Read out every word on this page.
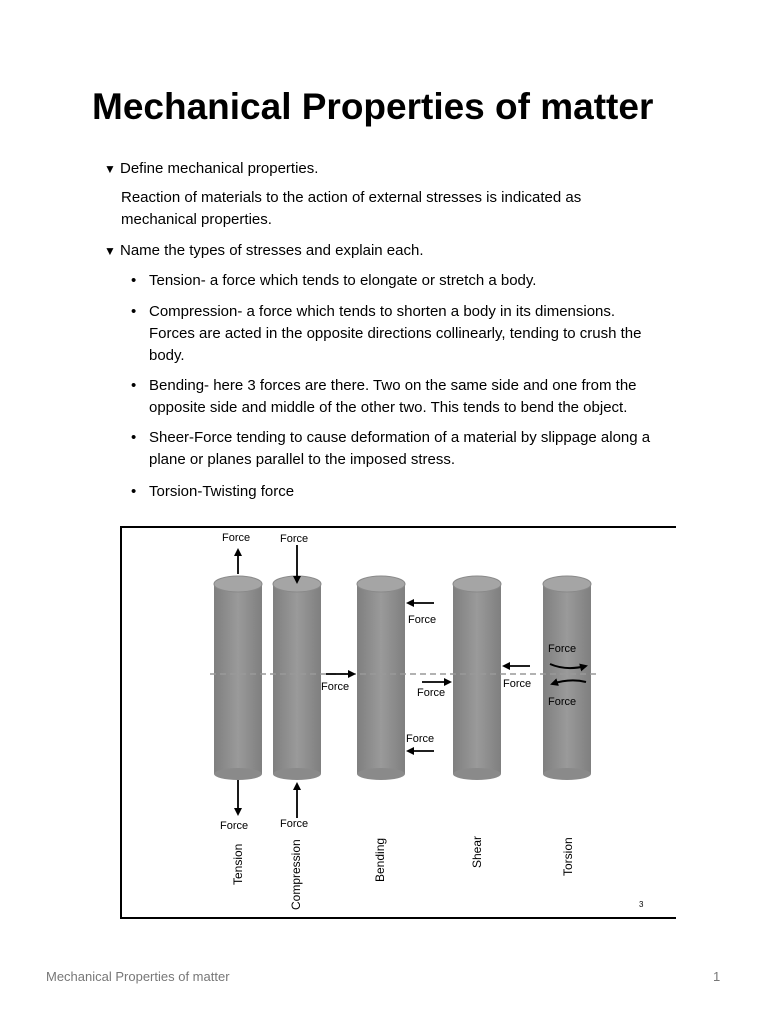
Mechanical Properties of matter
▼ Define mechanical properties.
Reaction of materials to the action of external stresses is indicated as
mechanical properties.
▼ Name the types of stresses and explain each.
• Tension- a force which tends to elongate or stretch a body.
• Compression- a force which tends to shorten a body in its dimensions.
Forces are acted in the opposite directions collinearly, tending to crush the
body.
• Bending- here 3 forces are there. Two on the same side and one from the
opposite side and middle of the other two. This tends to bend the object.
• Sheer-Force tending to cause deformation of a material by slippage along a
plane or planes parallel to the imposed stress.
• Torsion-Twisting force
Force	Force
Force	Force
Force
Force
Force
Force
Force
Force
Force
Tension	Compression	Bending	Shear	Torsion
3
Mechanical Properties of matter	1
